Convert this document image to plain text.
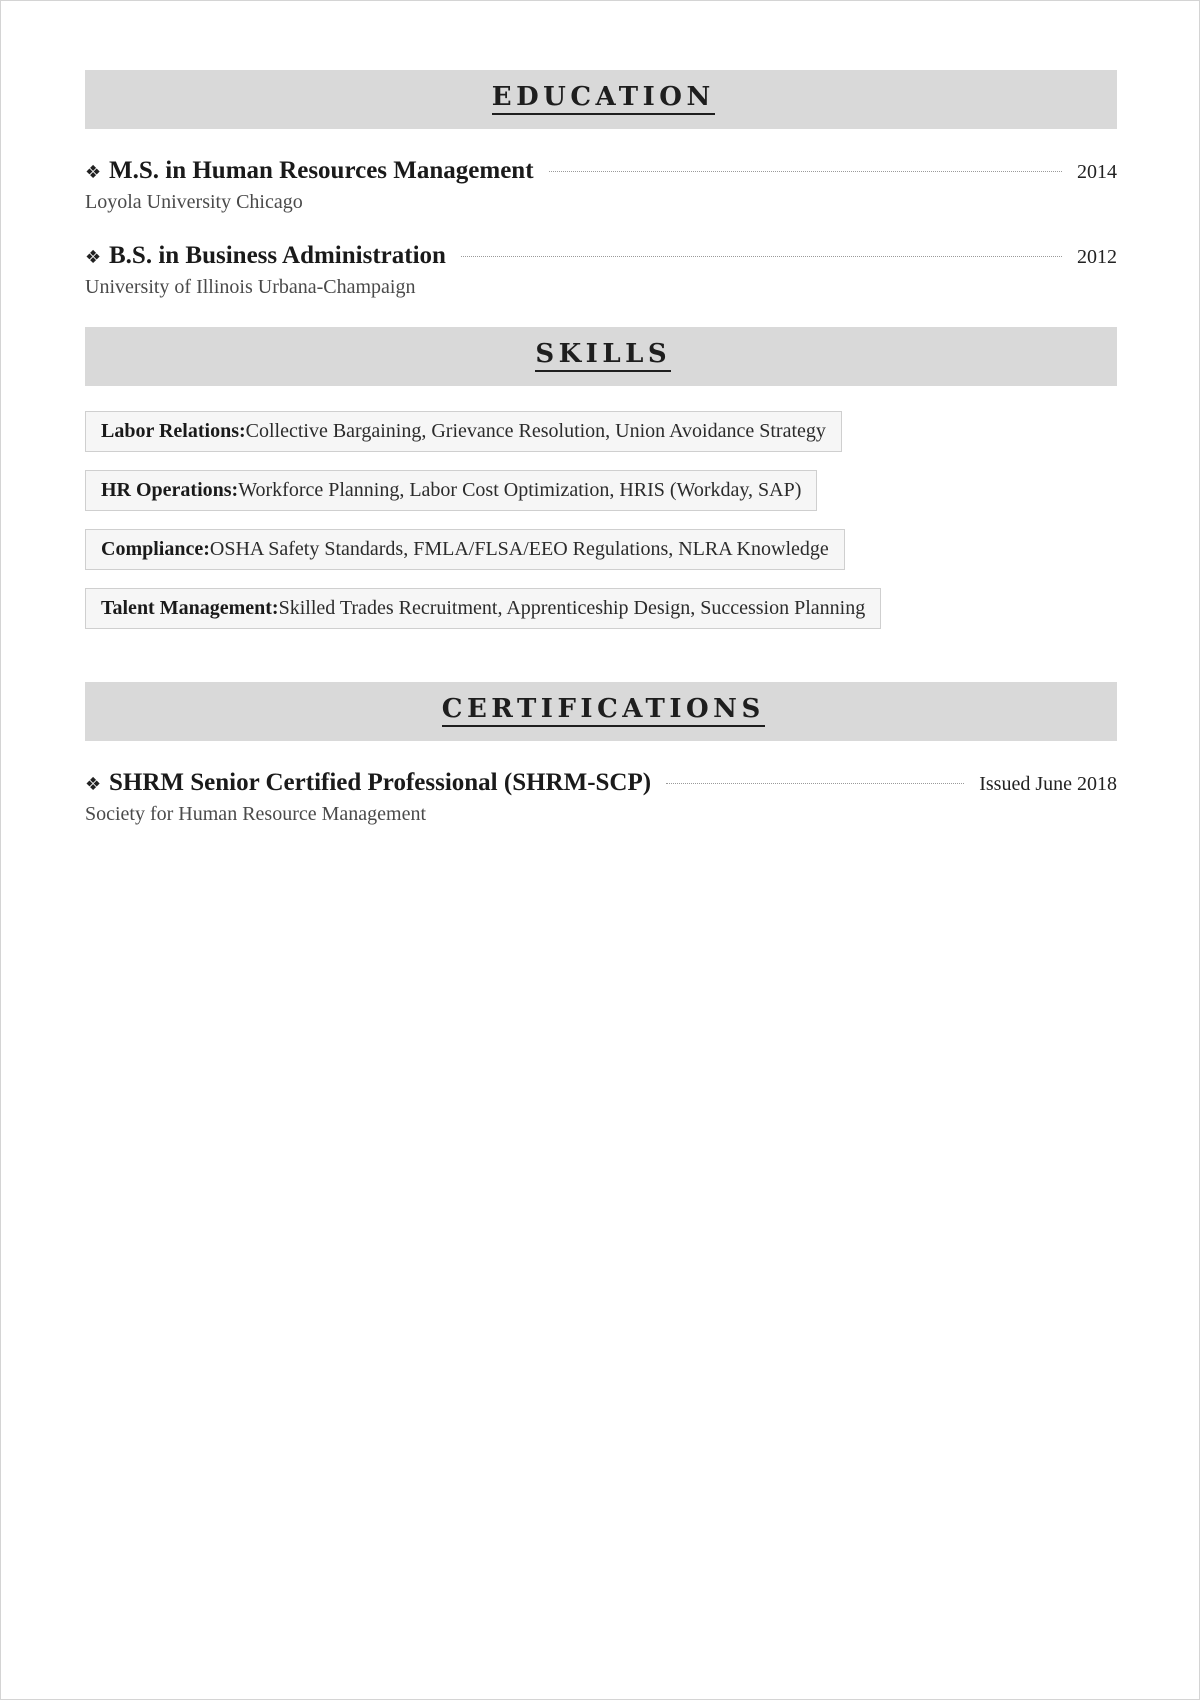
EDUCATION
❖ M.S. in Human Resources Management	2014
Loyola University Chicago
❖ B.S. in Business Administration	2012
University of Illinois Urbana-Champaign
SKILLS
Labor Relations:Collective Bargaining, Grievance Resolution, Union Avoidance Strategy
HR Operations:Workforce Planning, Labor Cost Optimization, HRIS (Workday, SAP)
Compliance:OSHA Safety Standards, FMLA/FLSA/EEO Regulations, NLRA Knowledge
Talent Management:Skilled Trades Recruitment, Apprenticeship Design, Succession Planning
CERTIFICATIONS
❖ SHRM Senior Certified Professional (SHRM-SCP)	Issued June 2018
Society for Human Resource Management
